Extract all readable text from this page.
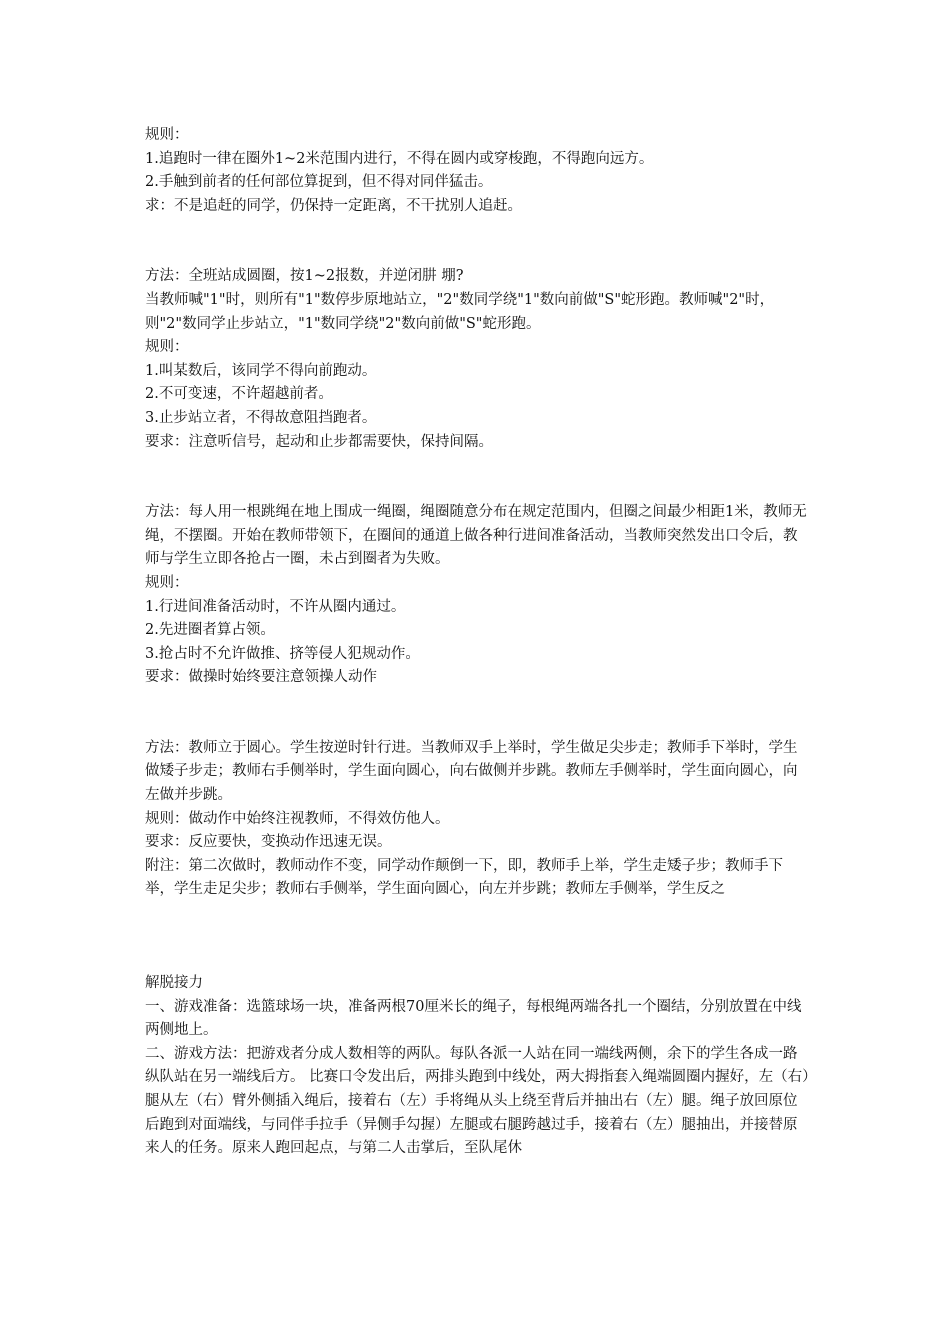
规则：

1.追跑时一律在圈外1~2米范围内进行，不得在圆内或穿梭跑，不得跑向远方。

2.手触到前者的任何部位算捉到，但不得对同伴猛击。

求：不是追赶的同学，仍保持一定距离，不干扰别人追赶。

方法：全班站成圆圈，按1~2报数，并逆闭肼 堋?

当教师喊"1"时，则所有"1"数停步原地站立，"2"数同学绕"1"数向前做"S"蛇形跑。教师喊"2"时，则"2"数同学止步站立，"1"数同学绕"2"数向前做"S"蛇形跑。

规则：

1.叫某数后，该同学不得向前跑动。

2.不可变速，不许超越前者。

3.止步站立者，不得故意阻挡跑者。

要求：注意听信号，起动和止步都需要快，保持间隔。

方法：每人用一根跳绳在地上围成一绳圈，绳圈随意分布在规定范围内，但圈之间最少相距1米，教师无绳，不摆圈。开始在教师带领下，在圈间的通道上做各种行进间准备活动，当教师突然发出口令后，教师与学生立即各抢占一圈，未占到圈者为失败。

规则：

1.行进间准备活动时，不许从圈内通过。

2.先进圈者算占领。

3.抢占时不允许做推、挤等侵人犯规动作。

要求：做操时始终要注意领操人动作

方法：教师立于圆心。学生按逆时针行进。当教师双手上举时，学生做足尖步走；教师手下举时，学生做矮子步走；教师右手侧举时，学生面向圆心，向右做侧并步跳。教师左手侧举时，学生面向圆心，向左做并步跳。

规则：做动作中始终注视教师，不得效仿他人。

要求：反应要快，变换动作迅速无误。

附注：第二次做时，教师动作不变，同学动作颠倒一下，即，教师手上举，学生走矮子步；教师手下举，学生走足尖步；教师右手侧举，学生面向圆心，向左并步跳；教师左手侧举，学生反之

解脱接力

一、游戏准备：选篮球场一块，准备两根70厘米长的绳子，每根绳两端各扎一个圈结，分别放置在中线两侧地上。

二、游戏方法：把游戏者分成人数相等的两队。每队各派一人站在同一端线两侧，余下的学生各成一路纵队站在另一端线后方。 比赛口令发出后，两排头跑到中线处，两大拇指套入绳端圆圈内握好，左（右）腿从左（右）臂外侧插入绳后，接着右（左）手将绳从头上绕至背后并抽出右（左）腿。绳子放回原位后跑到对面端线，与同伴手拉手（异侧手勾握）左腿或右腿跨越过手，接着右（左）腿抽出，并接替原来人的任务。原来人跑回起点，与第二人击掌后，至队尾休
